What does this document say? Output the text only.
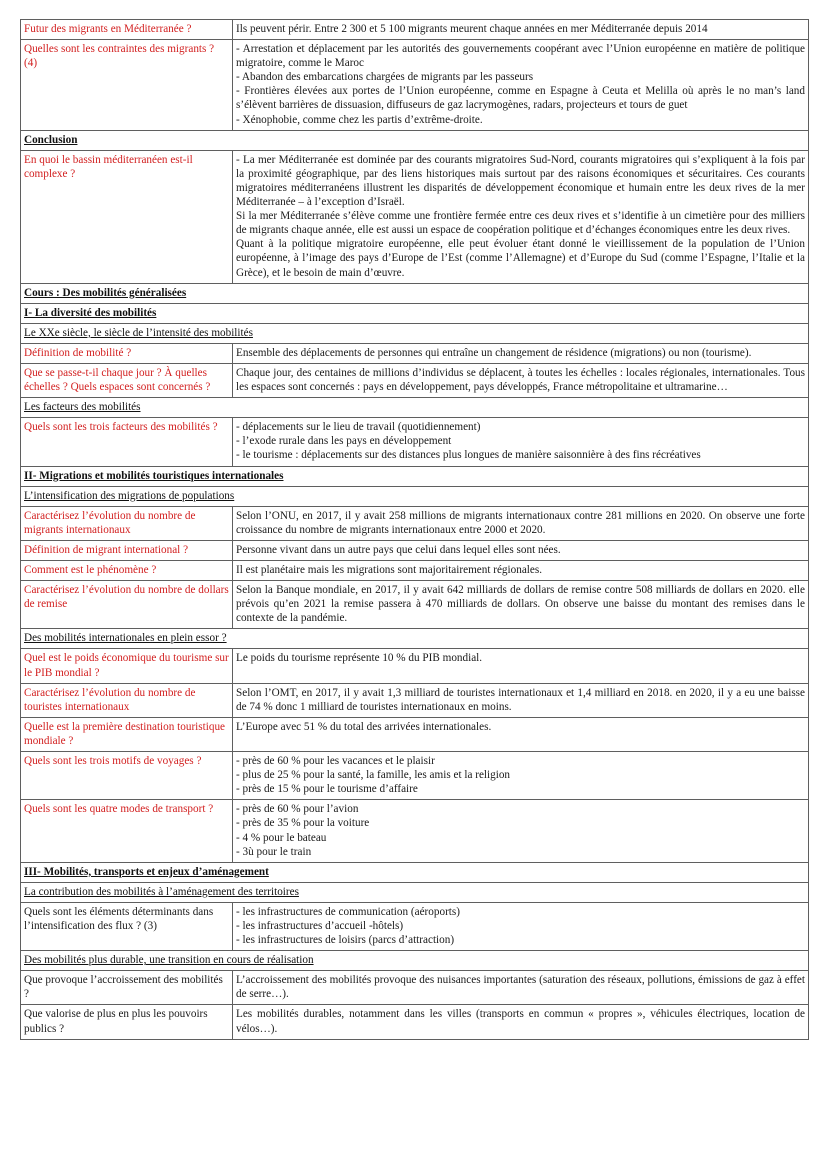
Futur des migrants en Méditerranée ?	Ils peuvent périr. Entre 2 300 et 5 100 migrants meurent chaque années en mer Méditerranée depuis 2014

Quelles sont les contraintes des migrants ? (4)	- Arrestation et déplacement par les autorités des gouvernements coopérant avec l’Union européenne en matière de politique migratoire, comme le Maroc
- Abandon des embarcations chargées de migrants par les passeurs
- Frontières élevées aux portes de l’Union européenne, comme en Espagne à Ceuta et Melilla où après le no man’s land s’élèvent barrières de dissuasion, diffuseurs de gaz lacrymogènes, radars, projecteurs et tours de guet
- Xénophobie, comme chez les partis d’extrême-droite.

Conclusion	
En quoi le bassin méditerranéen est-il complexe ?	- La mer Méditerranée est dominée par des courants migratoires Sud-Nord, courants migratoires qui s’expliquent à la fois par la proximité géographique, par des liens historiques mais surtout par des raisons économiques et sécuritaires. Ces courants migratoires méditerranéens illustrent les disparités de développement économique et humain entre les deux rives de la mer Méditerranée – à l’exception d’Israël.
Si la mer Méditerranée s’élève comme une frontière fermée entre ces deux rives et s’identifie à un cimetière pour des milliers de migrants chaque année, elle est aussi un espace de coopération politique et d’échanges économiques entre les deux rives.
Quant à la politique migratoire européenne, elle peut évoluer étant donné le vieillissement de la population de l’Union européenne, à l’image des pays d’Europe de l’Est (comme l’Allemagne) et d’Europe du Sud (comme l’Espagne, l’Italie et la Grèce), et le besoin de main d’œuvre.

Cours : Des mobilités généralisées	
I- La diversité des mobilités	
Le XXe siècle, le siècle de l’intensité des mobilités	
Définition de mobilité ?	Ensemble des déplacements de personnes qui entraîne un changement de résidence (migrations) ou non (tourisme).

Que se passe-t-il chaque jour ? À quelles échelles ? Quels espaces sont concernés ?	Chaque jour, des centaines de millions d’individus se déplacent, à toutes les échelles : locales régionales, internationales. Tous les espaces sont concernés : pays en développement, pays développés, France métropolitaine et ultramarine…

Les facteurs des mobilités	
Quels sont les trois facteurs des mobilités ?	- déplacements sur le lieu de travail (quotidiennement)
- l’exode rurale dans les pays en développement
- le tourisme : déplacements sur des distances plus longues de manière saisonnière à des fins récréatives

II- Migrations et mobilités touristiques internationales	
L’intensification des migrations de populations	
Caractérisez l’évolution du nombre de migrants internationaux	Selon l’ONU, en 2017, il y avait 258 millions de migrants internationaux contre 281 millions en 2020. On observe une forte croissance du nombre de migrants internationaux entre 2000 et 2020.

Définition de migrant international ?	Personne vivant dans un autre pays que celui dans lequel elles sont nées.

Comment est le phénomène ?	Il est planétaire mais les migrations sont majoritairement régionales.

Caractérisez l’évolution du nombre de dollars de remise	Selon la Banque mondiale, en 2017, il y avait 642 milliards de dollars de remise contre 508 milliards de dollars en 2020. elle prévois qu’en 2021 la remise passera à 470 milliards de dollars. On observe une baisse du montant des remises dans le contexte de la pandémie.

Des mobilités internationales en plein essor ?	
Quel est le poids économique du tourisme sur le PIB mondial ?	Le poids du tourisme représente 10 % du PIB mondial.

Caractérisez l’évolution du nombre de touristes internationaux	Selon l’OMT, en 2017, il y avait 1,3 milliard de touristes internationaux et 1,4 milliard en 2018. en 2020, il y a eu une baisse de 74 % donc 1 milliard de touristes internationaux en moins.

Quelle est la première destination touristique mondiale ?	L’Europe avec 51 % du total des arrivées internationales.

Quels sont les trois motifs de voyages ?	- près de 60 % pour les vacances et le plaisir
- plus de 25 % pour la santé, la famille, les amis et la religion
- près de 15 % pour le tourisme d’affaire

Quels sont les quatre modes de transport ?	- près de 60 % pour l’avion
- près de 35 % pour la voiture
- 4 % pour le bateau
- 3ù pour le train

III- Mobilités, transports et enjeux d’aménagement	
La contribution des mobilités à l’aménagement des territoires	
Quels sont les éléments déterminants dans l’intensification des flux ? (3)	- les infrastructures de communication (aéroports)
- les infrastructures d’accueil -hôtels)
- les infrastructures de loisirs (parcs d’attraction)

Des mobilités plus durable, une transition en cours de réalisation	
Que provoque l’accroissement des mobilités ?	L’accroissement des mobilités provoque des nuisances importantes (saturation des réseaux, pollutions, émissions de gaz à effet de serre…).

Que valorise de plus en plus les pouvoirs publics ?	Les mobilités durables, notamment dans les villes (transports en commun « propres », véhicules électriques, location de vélos…).
